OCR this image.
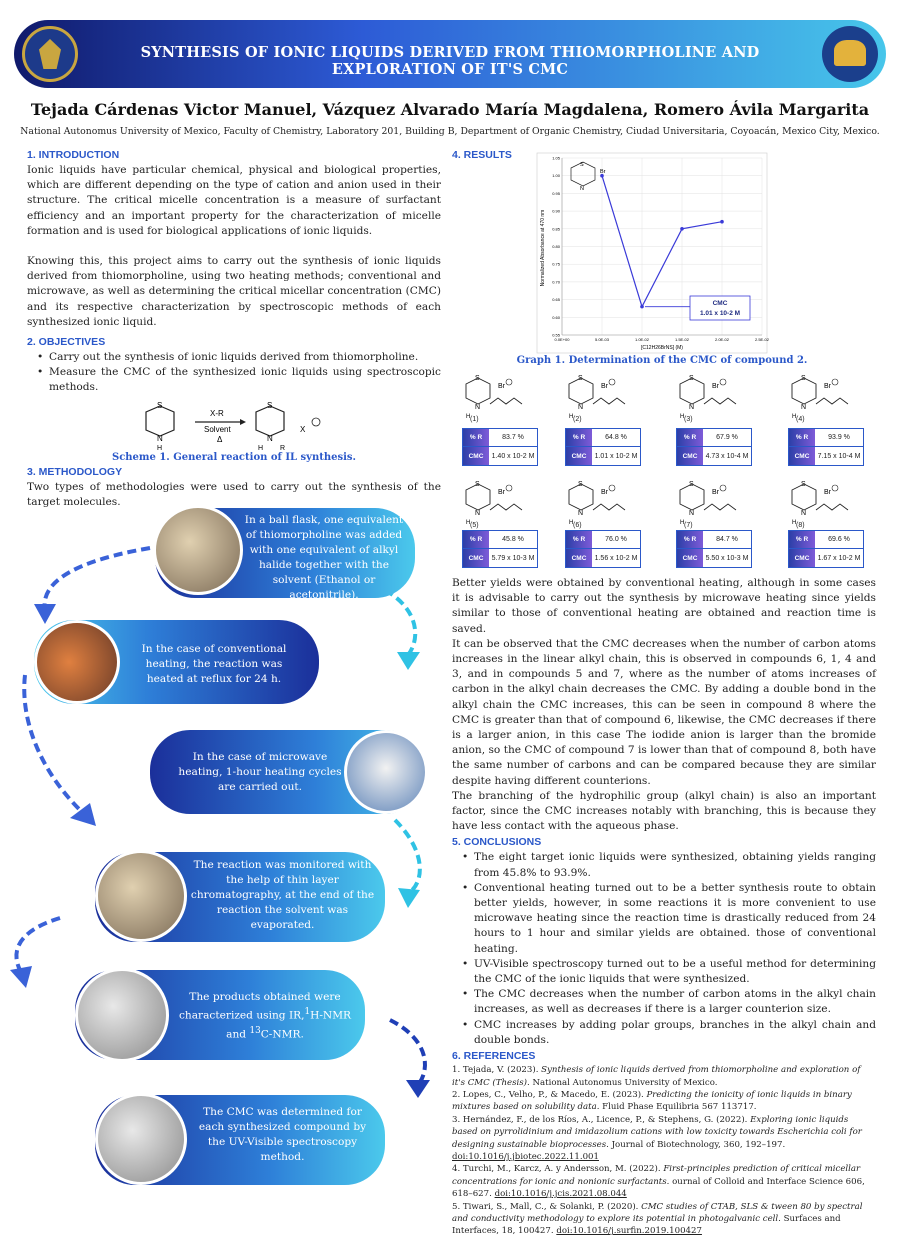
SYNTHESIS OF IONIC LIQUIDS DERIVED FROM THIOMORPHOLINE AND EXPLORATION OF IT'S CMC
Tejada Cárdenas Victor Manuel, Vázquez Alvarado María Magdalena, Romero Ávila Margarita
National Autonomus University of Mexico, Faculty of Chemistry, Laboratory 201, Building B, Department of Organic Chemistry, Ciudad Universitaria, Coyoacán, Mexico City, Mexico.
1. INTRODUCTION
Ionic liquids have particular chemical, physical and biological properties, which are different depending on the type of cation and anion used in their structure. The critical micelle concentration is a measure of surfactant efficiency and an important property for the characterization of micelle formation and is used for biological applications of ionic liquids.
Knowing this, this project aims to carry out the synthesis of ionic liquids derived from thiomorpholine, using two heating methods; conventional and microwave, as well as determining the critical micellar concentration (CMC) and its respective characterization by spectroscopic methods of each synthesized ionic liquid.
2. OBJECTIVES
• Carry out the synthesis of ionic liquids derived from thiomorpholine.
• Measure the CMC of the synthesized ionic liquids using spectroscopic methods.
S
N
H
X-R
Solvent
Δ
S
N
H R
X
Scheme 1. General reaction of IL synthesis.
3. METHODOLOGY
Two types of methodologies were used to carry out the synthesis of the target molecules.
In a ball flask, one equivalent of thiomorpholine was added with one equivalent of alkyl halide together with the solvent (Ethanol or acetonitrile).
In the case of conventional heating, the reaction was heated at reflux for 24 h.
In the case of microwave heating, 1-hour heating cycles are carried out.
The reaction was monitored with the help of thin layer chromatography, at the end of the reaction the solvent was evaporated.
The products obtained were characterized using IR,$^1$H-NMR
and $^{13}$C-NMR.
The CMC was determined for each synthesized compound by the UV-Visible spectroscopy method.
4. RESULTS
0.55
0.60
0.65
0.70
0.75
0.80
0.85
0.90
0.95
1.00
1.05
0.0E+00	5.0E-03	1.0E-02	1.5E-02	2.0E-02	2.5E-02
Normalized Absorbance at 470 nm
[C12H26BrNS] (M)
S
N
Br
CMC
1.01 x 10-2 M
Graph 1. Determination of the CMC of compound 2.
S
N
H
Br
(1)
% R	83.7 %
CMC	1.40 x 10-2 M
S
N
H
Br
(2)
% R	64.8 %
CMC	1.01 x 10-2 M
S
N
H
Br
(3)
% R	67.9 %
CMC	4.73 x 10-4 M
S
N
H
Br
(4)
% R	93.9 %
CMC	7.15 x 10-4 M
S
N
H
Br
(5)
% R	45.8 %
CMC	5.79 x 10-3 M
S
N
H
Br
(6)
% R	76.0 %
CMC	1.56 x 10-2 M
S
N
H
Br
(7)
% R	84.7 %
CMC	5.50 x 10-3 M
S
N
H
Br
(8)
% R	69.6 %
CMC	1.67 x 10-2 M
Better yields were obtained by conventional heating, although in some cases it is advisable to carry out the synthesis by microwave heating since yields similar to those of conventional heating are obtained and reaction time is saved.
It can be observed that the CMC decreases when the number of carbon atoms increases in the linear alkyl chain, this is observed in compounds 6, 1, 4 and 3, and in compounds 5 and 7, where as the number of atoms increases of carbon in the alkyl chain decreases the CMC. By adding a double bond in the alkyl chain the CMC increases, this can be seen in compound 8 where the CMC is greater than that of compound 6, likewise, the CMC decreases if there is a larger anion, in this case The iodide anion is larger than the bromide anion, so the CMC of compound 7 is lower than that of compound 8, both have the same number of carbons and can be compared because they are similar despite having different counterions.
The branching of the hydrophilic group (alkyl chain) is also an important factor, since the CMC increases notably with branching, this is because they have less contact with the aqueous phase.
5. CONCLUSIONS
• The eight target ionic liquids were synthesized, obtaining yields ranging from 45.8% to 93.9%.
• Conventional heating turned out to be a better synthesis route to obtain better yields, however, in some reactions it is more convenient to use microwave heating since the reaction time is drastically reduced from 24 hours to 1 hour and similar yields are obtained. those of conventional heating.
• UV-Visible spectroscopy turned out to be a useful method for determining the CMC of the ionic liquids that were synthesized.
• The CMC decreases when the number of carbon atoms in the alkyl chain increases, as well as decreases if there is a larger counterion size.
• CMC increases by adding polar groups, branches in the alkyl chain and double bonds.
6. REFERENCES
1. Tejada, V. (2023). Synthesis of ionic liquids derived from thiomorpholine and exploration of it's CMC (Thesis). National Autonomus University of Mexico.
2. Lopes, C., Velho, P., & Macedo, E. (2023). Predicting the ionicity of ionic liquids in binary mixtures based on solubility data. Fluid Phase Equilibria 567 113717.
3. Hernández, F., de los Ríos, A., Licence, P., & Stephens, G. (2022). Exploring ionic liquids based on pyrrolidinium and imidazolium cations with low toxicity towards Escherichia coli for designing sustainable bioprocesses. Journal of Biotechnology, 360, 192–197. doi:10.1016/j.jbiotec.2022.11.001
4. Turchi, M., Karcz, A. y Andersson, M. (2022). First-principles prediction of critical micellar concentrations for ionic and nonionic surfactants. ournal of Colloid and Interface Science 606, 618–627. doi:10.1016/j.jcis.2021.08.044
5. Tiwari, S., Mall, C., & Solanki, P. (2020). CMC studies of CTAB, SLS & tween 80 by spectral and conductivity methodology to explore its potential in photogalvanic cell. Surfaces and Interfaces, 18, 100427. doi:10.1016/j.surfin.2019.100427
